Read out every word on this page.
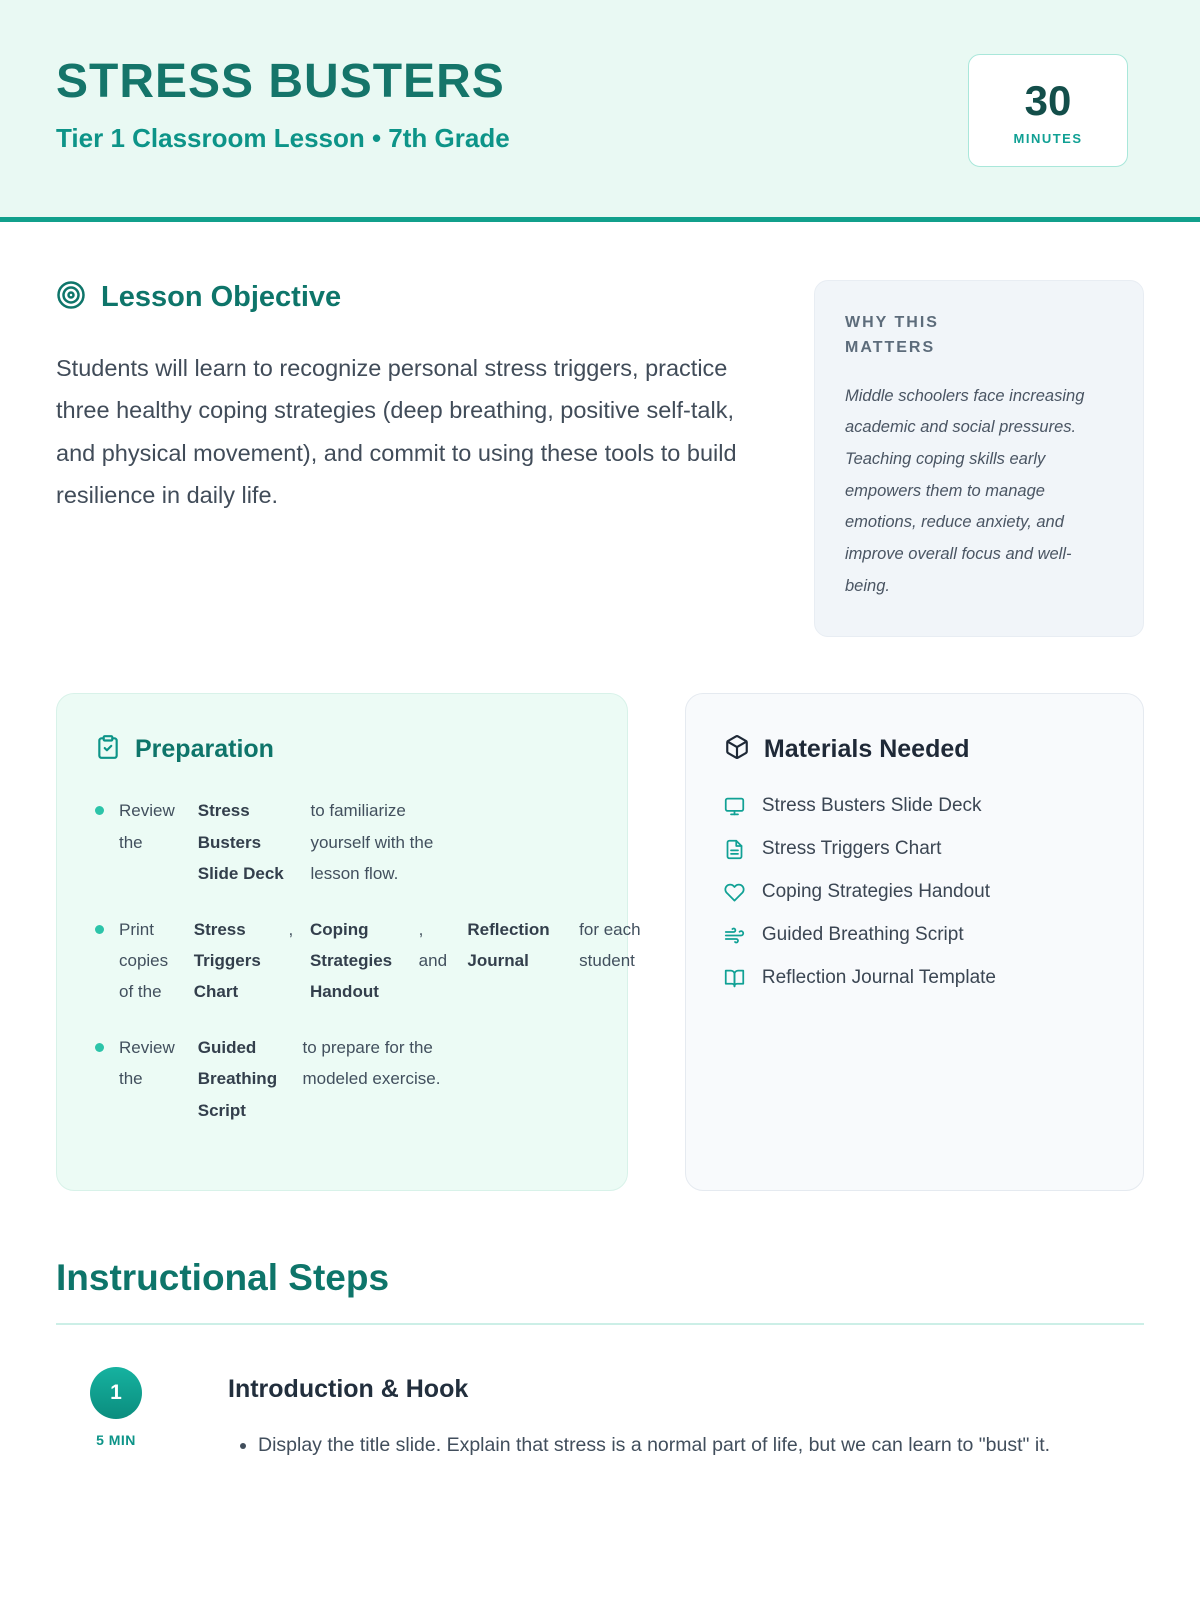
STRESS BUSTERS

Tier 1 Classroom Lesson • 7th Grade

30
MINUTES
Lesson Objective

Students will learn to recognize personal stress triggers, practice three healthy coping strategies (deep breathing, positive self-talk, and physical movement), and commit to using these tools to build resilience in daily life.

WHY THIS MATTERS

Middle schoolers face increasing academic and social pressures. Teaching coping skills early empowers them to manage emotions, reduce anxiety, and improve overall focus and well-being.

Preparation
Review the Stress Busters Slide Deck to familiarize yourself with the lesson flow.
Print copies of the Stress Triggers Chart , Coping Strategies Handout , and Reflection Journal for each student
Review the Guided Breathing Script to prepare for the modeled exercise.
Materials Needed
Stress Busters Slide Deck
Stress Triggers Chart
Coping Strategies Handout
Guided Breathing Script
Reflection Journal Template
Instructional Steps
1
5 MIN
Introduction & Hook
• Display the title slide. Explain that stress is a normal part of life, but we can learn to "bust" it.
